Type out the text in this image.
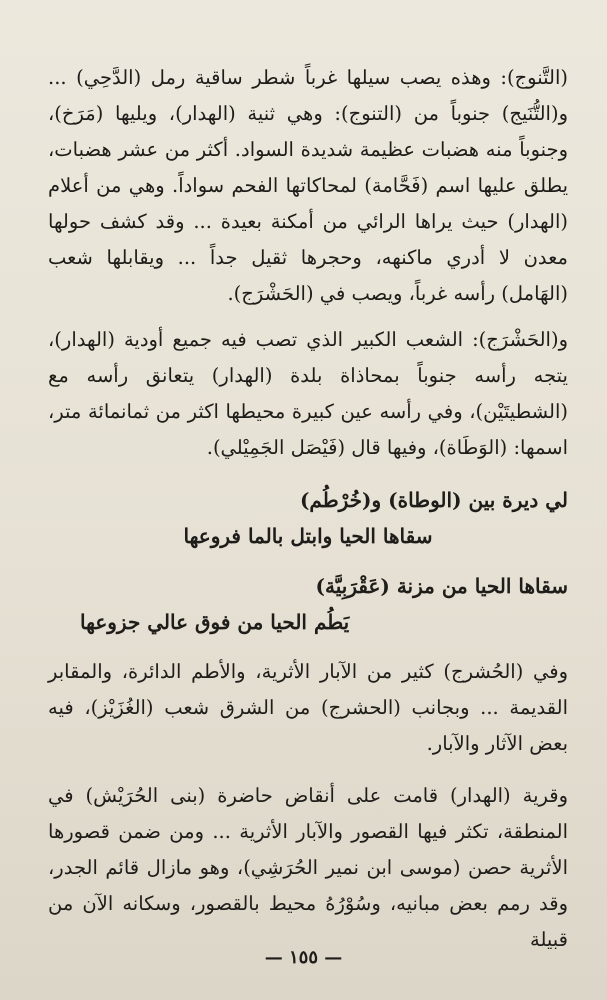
(التَّنوج): وهذه يصب سيلها غرباً شطر ساقية رمل (الدَّحِي) ... و(التُّنَيج) جنوباً من (التنوج): وهي ثنية (الهدار)، ويليها (مَرَخ)، وجنوباً منه هضبات عظيمة شديدة السواد. أكثر من عشر هضبات، يطلق عليها اسم (فَحَّامة) لمحاكاتها الفحم سواداً. وهي من أعلام (الهدار) حيث يراها الرائي من أمكنة بعيدة ... وقد كشف حولها معدن لا أدري ماكنهه، وحجرها ثقيل جداً ... ويقابلها شعب (الهَامل) رأسه غرباً، ويصب في (الحَشْرَج).

و(الحَشْرَج): الشعب الكبير الذي تصب فيه جميع أودية (الهدار)، يتجه رأسه جنوباً بمحاذاة بلدة (الهدار) يتعانق رأسه مع (الشطيتَيْن)، وفي رأسه عين كبيرة محيطها اكثر من ثمانمائة متر، اسمها: (الوَطَاة)، وفيها قال (فَيْصَل الجَمِيْلي).

لي ديرة بين (الوطاة) و(خُرْطُم)
سقاها الحيا وابتل بالما فروعها
سقاها الحيا من مزنة (عَقْرَبِيَّة)
يَطُم الحيا من فوق عالي جزوعها

وفي (الحُشرج) كثير من الآبار الأثرية، والأطم الدائرة، والمقابر القديمة ... وبجانب (الحشرج) من الشرق شعب (الغُزَيْز)، فيه بعض الآثار والآبار.

وقرية (الهدار) قامت على أنقاض حاضرة (بنى الحُرَيْش) في المنطقة، تكثر فيها القصور والآبار الأثرية ... ومن ضمن قصورها الأثرية حصن (موسى ابن نمير الحُرَشِي)، وهو مازال قائم الجدر، وقد رمم بعض مبانيه، وسُوْرُهُ محيط بالقصور، وسكانه الآن من قبيلة

— ١٥٥ —
